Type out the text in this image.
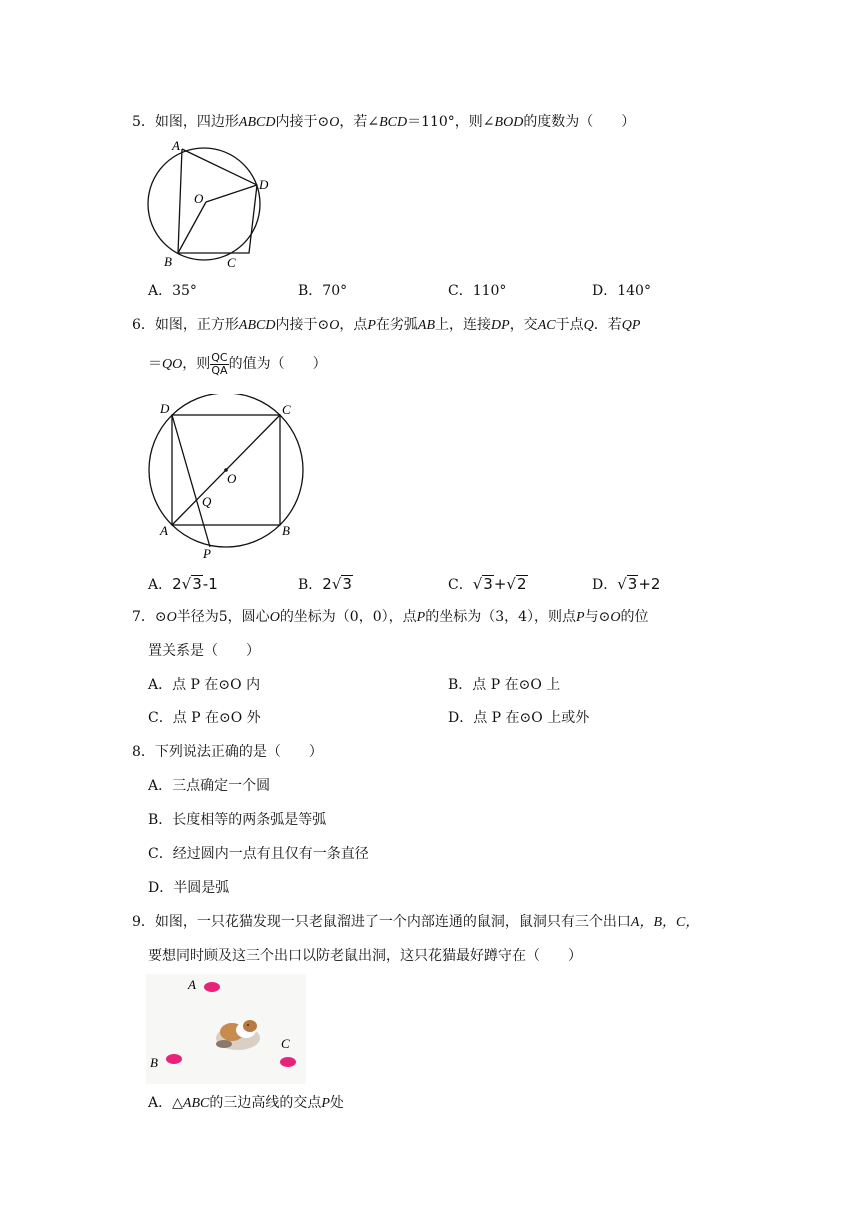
5．如图，四边形ABCD内接于⊙O，若∠BCD＝110°，则∠BOD的度数为（　　）
A
D
O
B	C
A．35°	B．70°	C．110°	D．140°
6．如图，正方形ABCD内接于⊙O，点P在劣弧AB上，连接DP，交AC于点Q．若QP
＝QO，则 $\frac{QC}{QA}$ 的值为（　　）
D	C
O
Q
A	B
P
A．2√3-1	B．2√3	C．√3+√2	D．√3+2
7．⊙O半径为5，圆心O的坐标为（0，0），点P的坐标为（3，4），则点P与⊙O的位
置关系是（　　）
A．点 P 在⊙O 内	B．点 P 在⊙O 上
C．点 P 在⊙O 外	D．点 P 在⊙O 上或外
8．下列说法正确的是（　　）
A．三点确定一个圆
B．长度相等的两条弧是等弧
C．经过圆内一点有且仅有一条直径
D．半圆是弧
9．如图，一只花猫发现一只老鼠溜进了一个内部连通的鼠洞，鼠洞只有三个出口A，B，C，
要想同时顾及这三个出口以防老鼠出洞，这只花猫最好蹲守在（　　）
A
B
C
A．△ABC的三边高线的交点P处
